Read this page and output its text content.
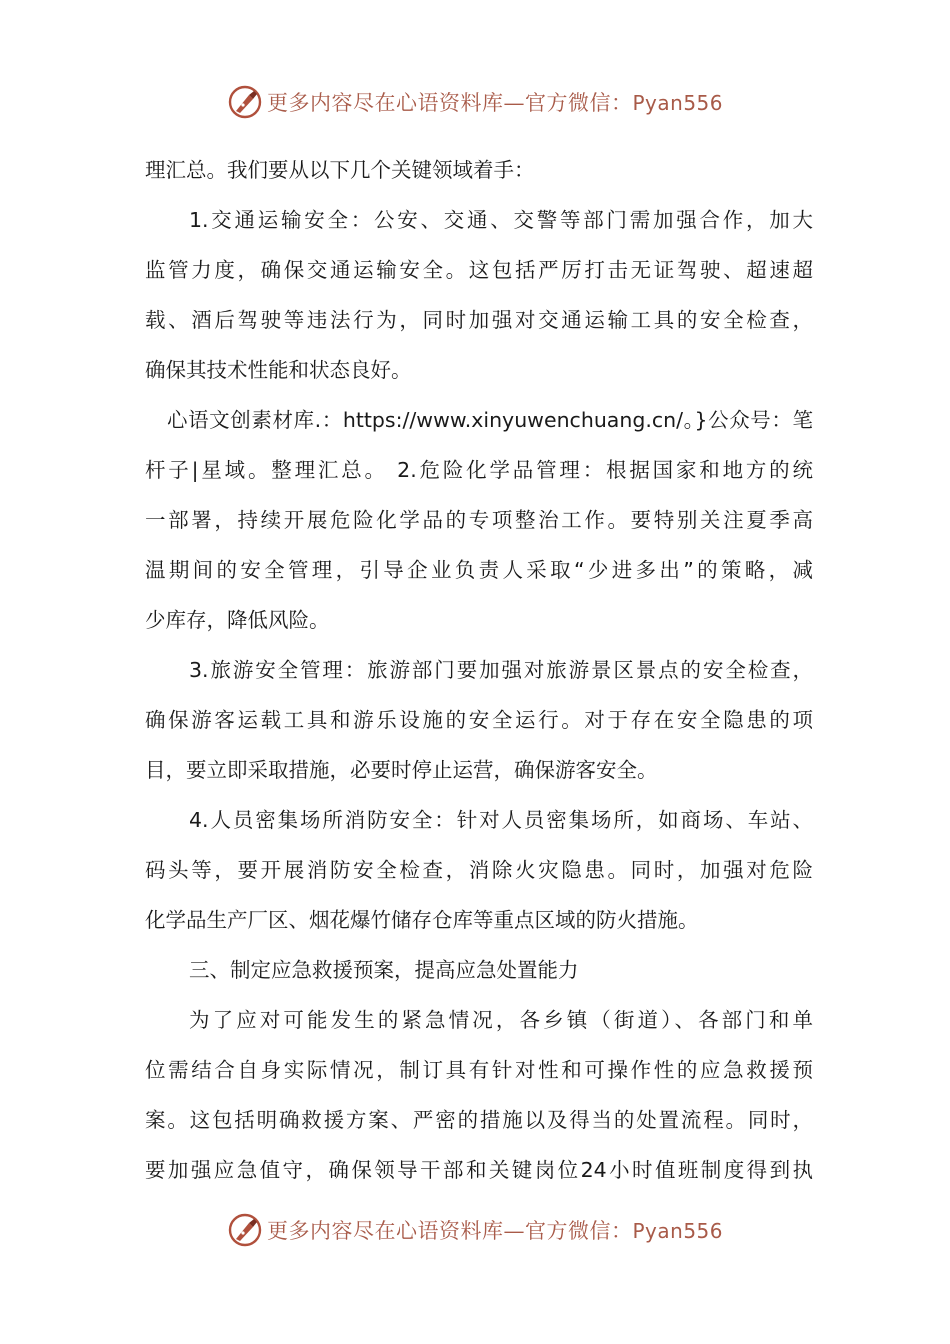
更多内容尽在心语资料库—官方微信：Pyan556
理汇总。我们要从以下几个关键领域着手：
1.交通运输安全：公安、交通、交警等部门需加强合作，加大
监管力度，确保交通运输安全。这包括严厉打击无证驾驶、超速超
载、酒后驾驶等违法行为，同时加强对交通运输工具的安全检查，
确保其技术性能和状态良好。
心语文创素材库.：https://www.xinyuwenchuang.cn/。}公众号：笔
杆子|星域。整理汇总。 2.危险化学品管理：根据国家和地方的统
一部署，持续开展危险化学品的专项整治工作。要特别关注夏季高
温期间的安全管理，引导企业负责人采取“少进多出”的策略，减
少库存，降低风险。
3.旅游安全管理：旅游部门要加强对旅游景区景点的安全检查，
确保游客运载工具和游乐设施的安全运行。对于存在安全隐患的项
目，要立即采取措施，必要时停止运营，确保游客安全。
4.人员密集场所消防安全：针对人员密集场所，如商场、车站、
码头等，要开展消防安全检查，消除火灾隐患。同时，加强对危险
化学品生产厂区、烟花爆竹储存仓库等重点区域的防火措施。
三、制定应急救援预案，提高应急处置能力
为了应对可能发生的紧急情况，各乡镇（街道）、各部门和单
位需结合自身实际情况，制订具有针对性和可操作性的应急救援预
案。这包括明确救援方案、严密的措施以及得当的处置流程。同时，
要加强应急值守，确保领导干部和关键岗位24小时值班制度得到执
更多内容尽在心语资料库—官方微信：Pyan556
